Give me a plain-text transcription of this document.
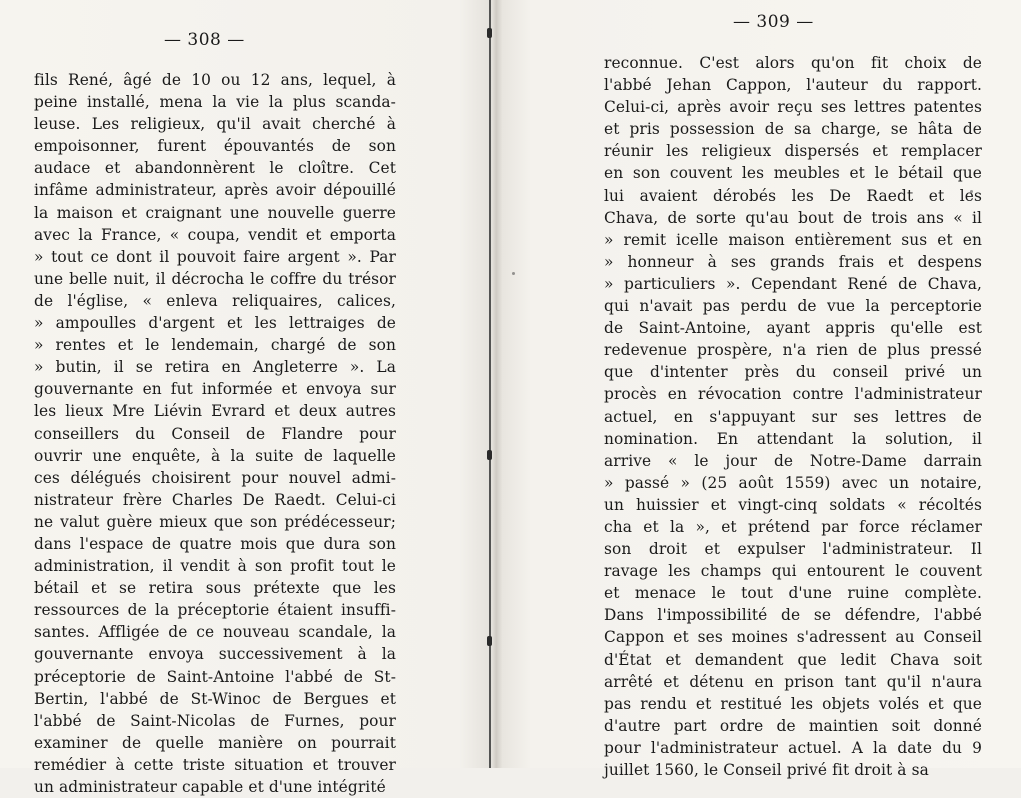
— 308 —
fils René, âgé de 10 ou 12 ans, lequel, à
peine installé, mena la vie la plus scanda-
leuse. Les religieux, qu'il avait cherché à
empoisonner, furent épouvantés de son
audace et abandonnèrent le cloître. Cet
infâme administrateur, après avoir dépouillé
la maison et craignant une nouvelle guerre
avec la France, « coupa, vendit et emporta
» tout ce dont il pouvoit faire argent ». Par
une belle nuit, il décrocha le coffre du trésor
de l'église, « enleva reliquaires, calices,
» ampoulles d'argent et les lettraiges de
» rentes et le lendemain, chargé de son
» butin, il se retira en Angleterre ». La
gouvernante en fut informée et envoya sur
les lieux Mre Liévin Evrard et deux autres
conseillers du Conseil de Flandre pour
ouvrir une enquête, à la suite de laquelle
ces délégués choisirent pour nouvel admi-
nistrateur frère Charles De Raedt. Celui-ci
ne valut guère mieux que son prédécesseur;
dans l'espace de quatre mois que dura son
administration, il vendit à son profit tout le
bétail et se retira sous prétexte que les
ressources de la préceptorie étaient insuffi-
santes. Affligée de ce nouveau scandale, la
gouvernante envoya successivement à la
préceptorie de Saint-Antoine l'abbé de St-
Bertin, l'abbé de St-Winoc de Bergues et
l'abbé de Saint-Nicolas de Furnes, pour
examiner de quelle manière on pourrait
remédier à cette triste situation et trouver
un administrateur capable et d'une intégrité
— 309 —
reconnue. C'est alors qu'on fit choix de
l'abbé Jehan Cappon, l'auteur du rapport.
Celui-ci, après avoir reçu ses lettres patentes
et pris possession de sa charge, se hâta de
réunir les religieux dispersés et remplacer
en son couvent les meubles et le bétail que
lui avaient dérobés les De Raedt et les
Chava, de sorte qu'au bout de trois ans « il
» remit icelle maison entièrement sus et en
» honneur à ses grands frais et despens
» particuliers ». Cependant René de Chava,
qui n'avait pas perdu de vue la perceptorie
de Saint-Antoine, ayant appris qu'elle est
redevenue prospère, n'a rien de plus pressé
que d'intenter près du conseil privé un
procès en révocation contre l'administrateur
actuel, en s'appuyant sur ses lettres de
nomination. En attendant la solution, il
arrive « le jour de Notre-Dame darrain
» passé » (25 août 1559) avec un notaire,
un huissier et vingt-cinq soldats « récoltés
cha et la », et prétend par force réclamer
son droit et expulser l'administrateur. Il
ravage les champs qui entourent le couvent
et menace le tout d'une ruine complète.
Dans l'impossibilité de se défendre, l'abbé
Cappon et ses moines s'adressent au Conseil
d'État et demandent que ledit Chava soit
arrêté et détenu en prison tant qu'il n'aura
pas rendu et restitué les objets volés et que
d'autre part ordre de maintien soit donné
pour l'administrateur actuel. A la date du 9
juillet 1560, le Conseil privé fit droit à sa
